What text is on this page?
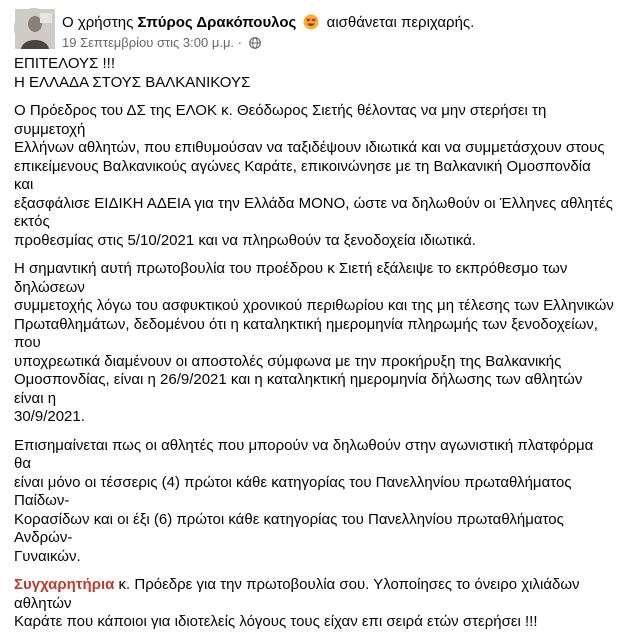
Ο χρήστης Σπύρος Δρακόπουλος αισθάνεται περιχαρής.
19 Σεπτεμβρίου στις 3:00 μ.μ. ·
ΕΠΙΤΕΛΟΥΣ !!!
Η ΕΛΛΑΔΑ ΣΤΟΥΣ ΒΑΛΚΑΝΙΚΟΥΣ
Ο Πρόεδρος του ΔΣ της ΕΛΟΚ κ. Θεόδωρος Σιετής θέλοντας να μην στερήσει τη συμμετοχή
Ελλήνων αθλητών, που επιθυμούσαν να ταξιδέψουν ιδιωτικά και να συμμετάσχουν στους
επικείμενους Βαλκανικούς αγώνες Καράτε, επικοινώνησε με τη Βαλκανική Ομοσπονδία και
εξασφάλισε ΕΙΔΙΚΗ ΑΔΕΙΑ για την Ελλάδα ΜΟΝΟ, ώστε να δηλωθούν οι Έλληνες αθλητές εκτός
προθεσμίας στις 5/10/2021 και να πληρωθούν τα ξενοδοχεία ιδιωτικά.
Η σημαντική αυτή πρωτοβουλία του προέδρου κ Σιετή εξάλειψε το εκπρόθεσμο των δηλώσεων
συμμετοχής λόγω του ασφυκτικού χρονικού περιθωρίου και της μη τέλεσης των Ελληνικών
Πρωταθλημάτων, δεδομένου ότι η καταληκτική ημερομηνία πληρωμής των ξενοδοχείων, που
υποχρεωτικά διαμένουν οι αποστολές σύμφωνα με την προκήρυξη της Βαλκανικής
Ομοσπονδίας, είναι η 26/9/2021 και η καταληκτική ημερομηνία δήλωσης των αθλητών είναι η
30/9/2021.
Επισημαίνεται πως οι αθλητές που μπορούν να δηλωθούν στην αγωνιστική πλατφόρμα θα
είναι μόνο οι τέσσερις (4) πρώτοι κάθε κατηγορίας του Πανελληνίου πρωταθλήματος Παίδων-
Κορασίδων και οι έξι (6) πρώτοι κάθε κατηγορίας του Πανελληνίου πρωταθλήματος Ανδρών-
Γυναικών.
Συγχαρητήρια κ. Πρόεδρε για την πρωτοβουλία σου. Υλοποίησες το όνειρο χιλιάδων αθλητών
Καράτε που κάποιοι για ιδιοτελείς λόγους τους είχαν επι σειρά ετών στερήσει !!!
